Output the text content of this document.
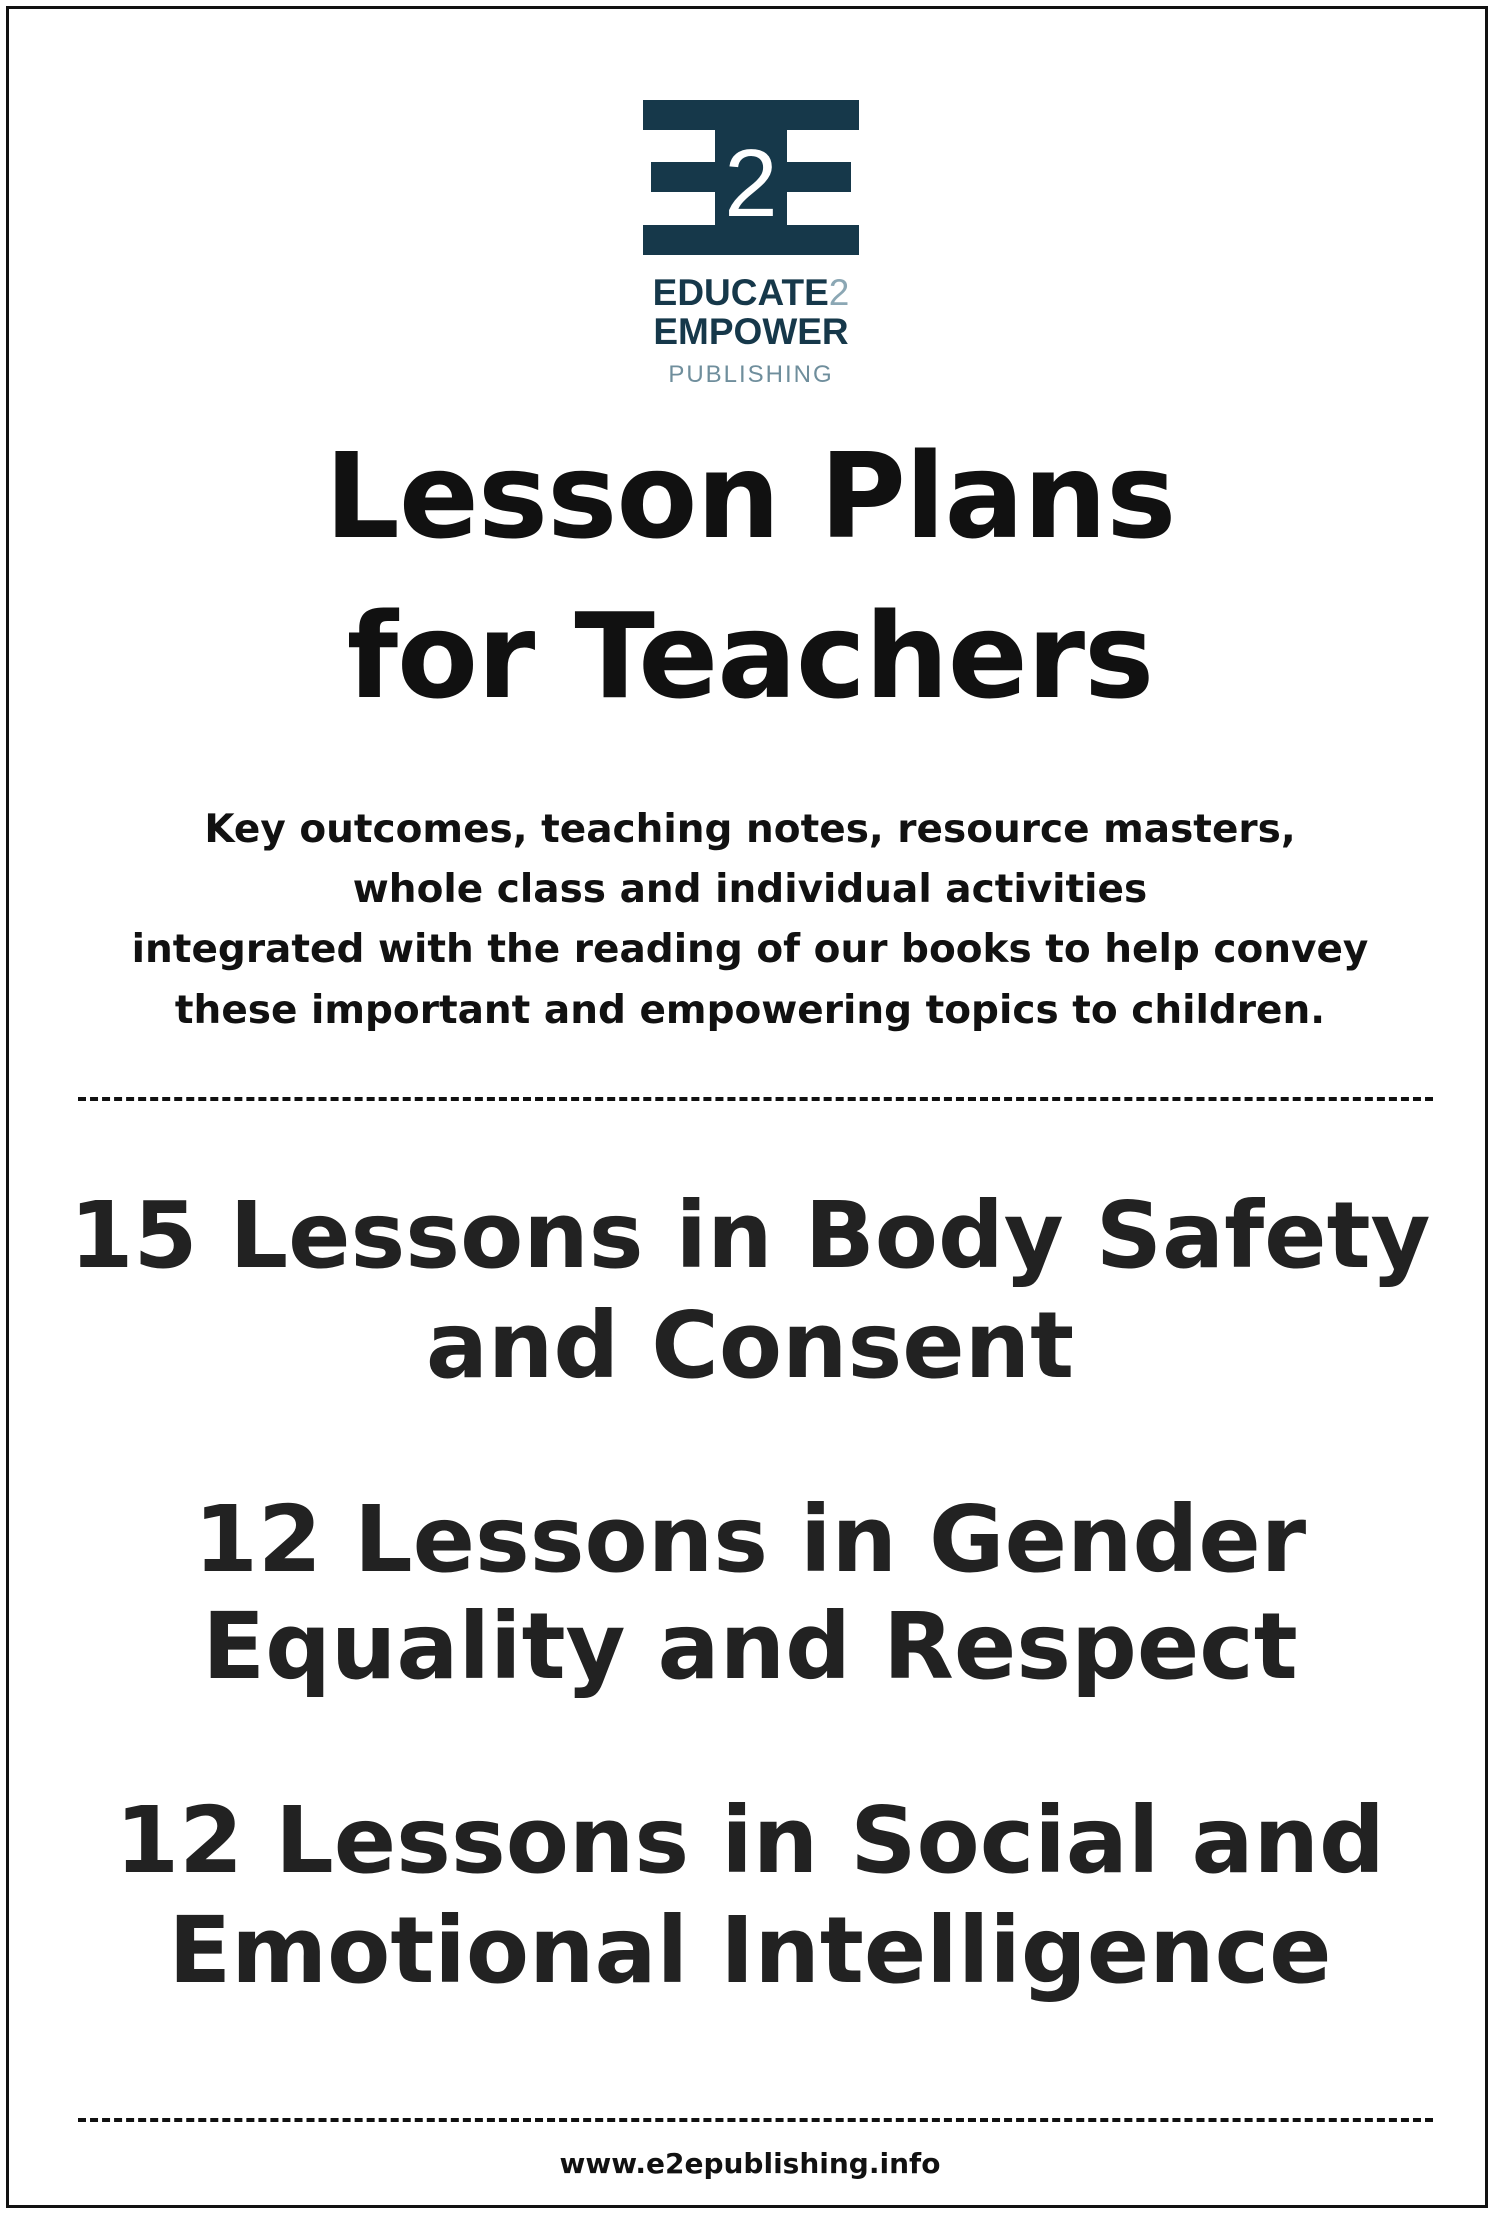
2
EDUCATE2
EMPOWER
PUBLISHING
Lesson Plans
for Teachers
Key outcomes, teaching notes, resource masters,
whole class and individual activities
integrated with the reading of our books to help convey
these important and empowering topics to children.
15 Lessons in Body Safety
and Consent
12 Lessons in Gender
Equality and Respect
12 Lessons in Social and
Emotional Intelligence
www.e2epublishing.info
